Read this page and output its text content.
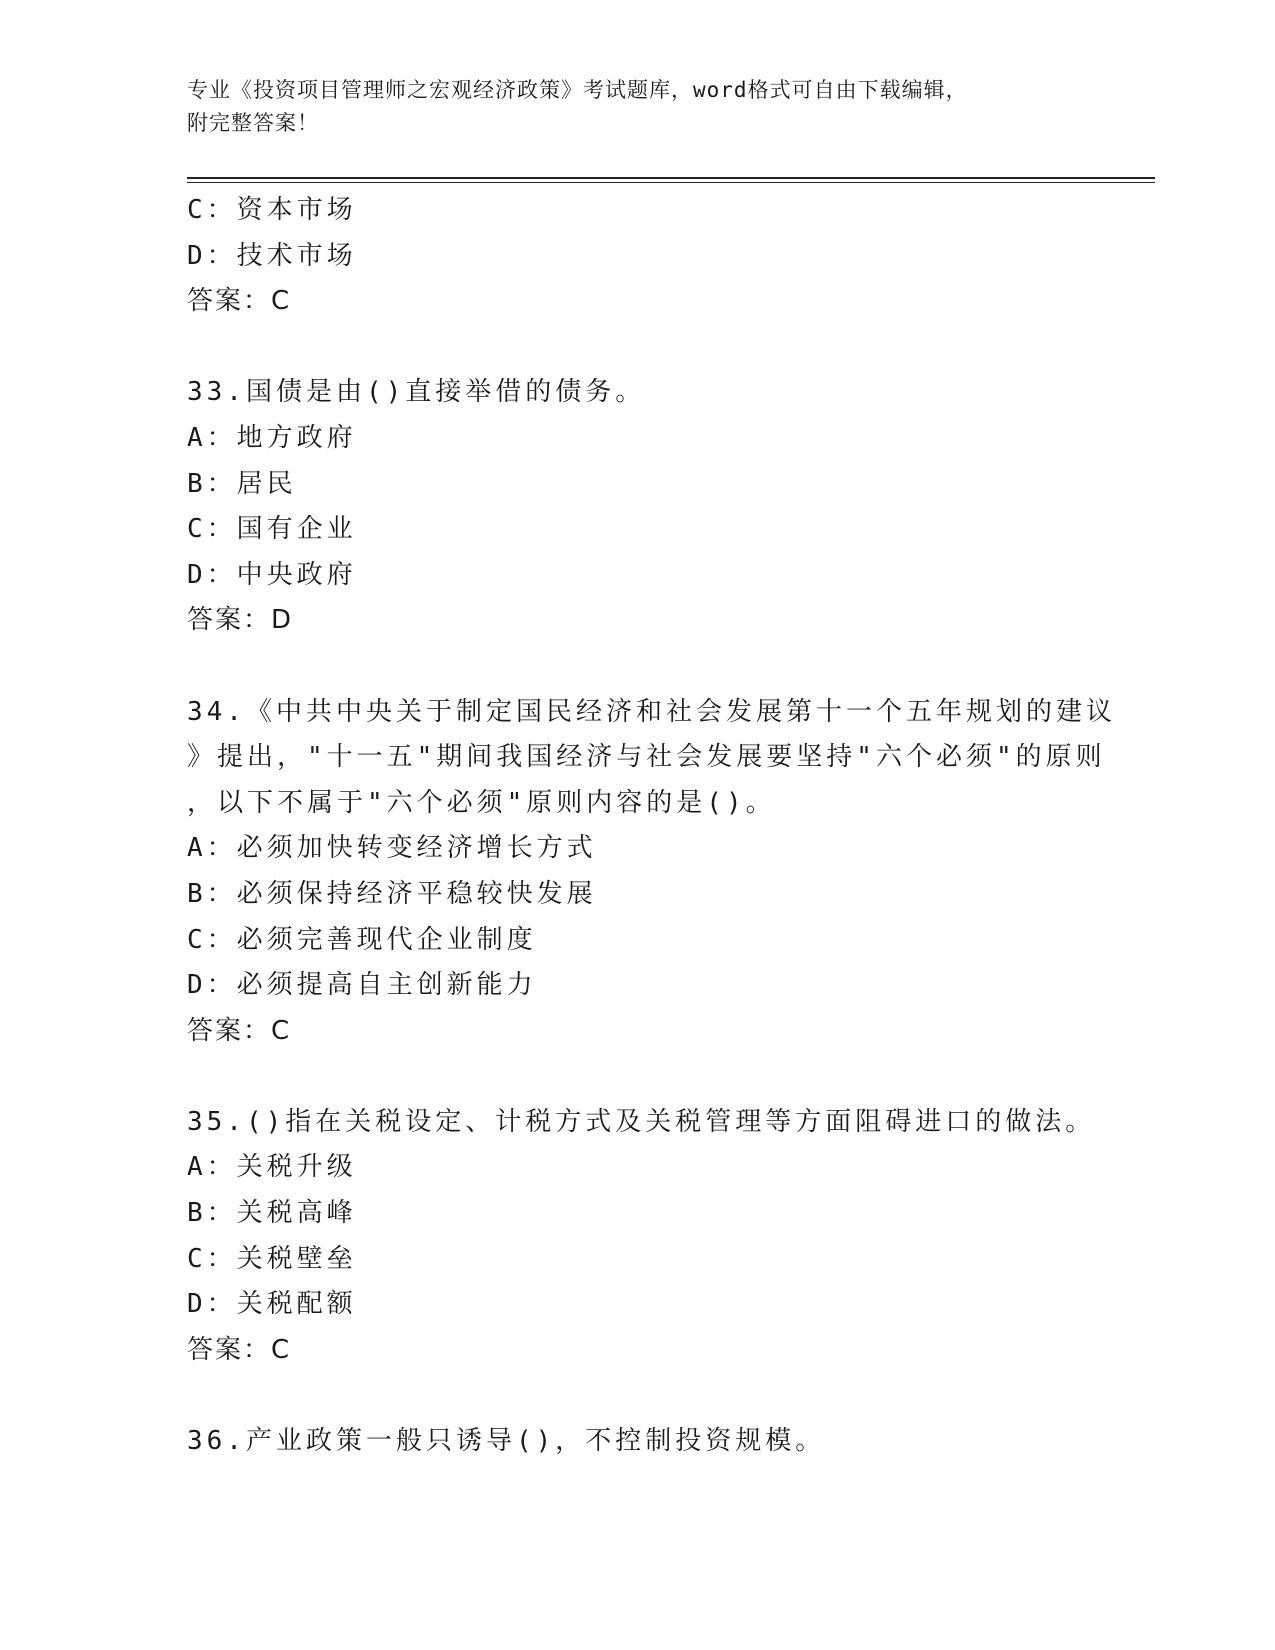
专业《投资项目管理师之宏观经济政策》考试题库，word格式可自由下载编辑，

附完整答案！

C：资本市场
D：技术市场
答案：C
33.国债是由()直接举借的债务。
A：地方政府
B：居民
C：国有企业
D：中央政府
答案：D
34.《中共中央关于制定国民经济和社会发展第十一个五年规划的建议
》提出，"十一五"期间我国经济与社会发展要坚持"六个必须"的原则
，以下不属于"六个必须"原则内容的是()。
A：必须加快转变经济增长方式
B：必须保持经济平稳较快发展
C：必须完善现代企业制度
D：必须提高自主创新能力
答案：C
35.()指在关税设定、计税方式及关税管理等方面阻碍进口的做法。
A：关税升级
B：关税高峰
C：关税壁垒
D：关税配额
答案：C
36.产业政策一般只诱导()，不控制投资规模。
